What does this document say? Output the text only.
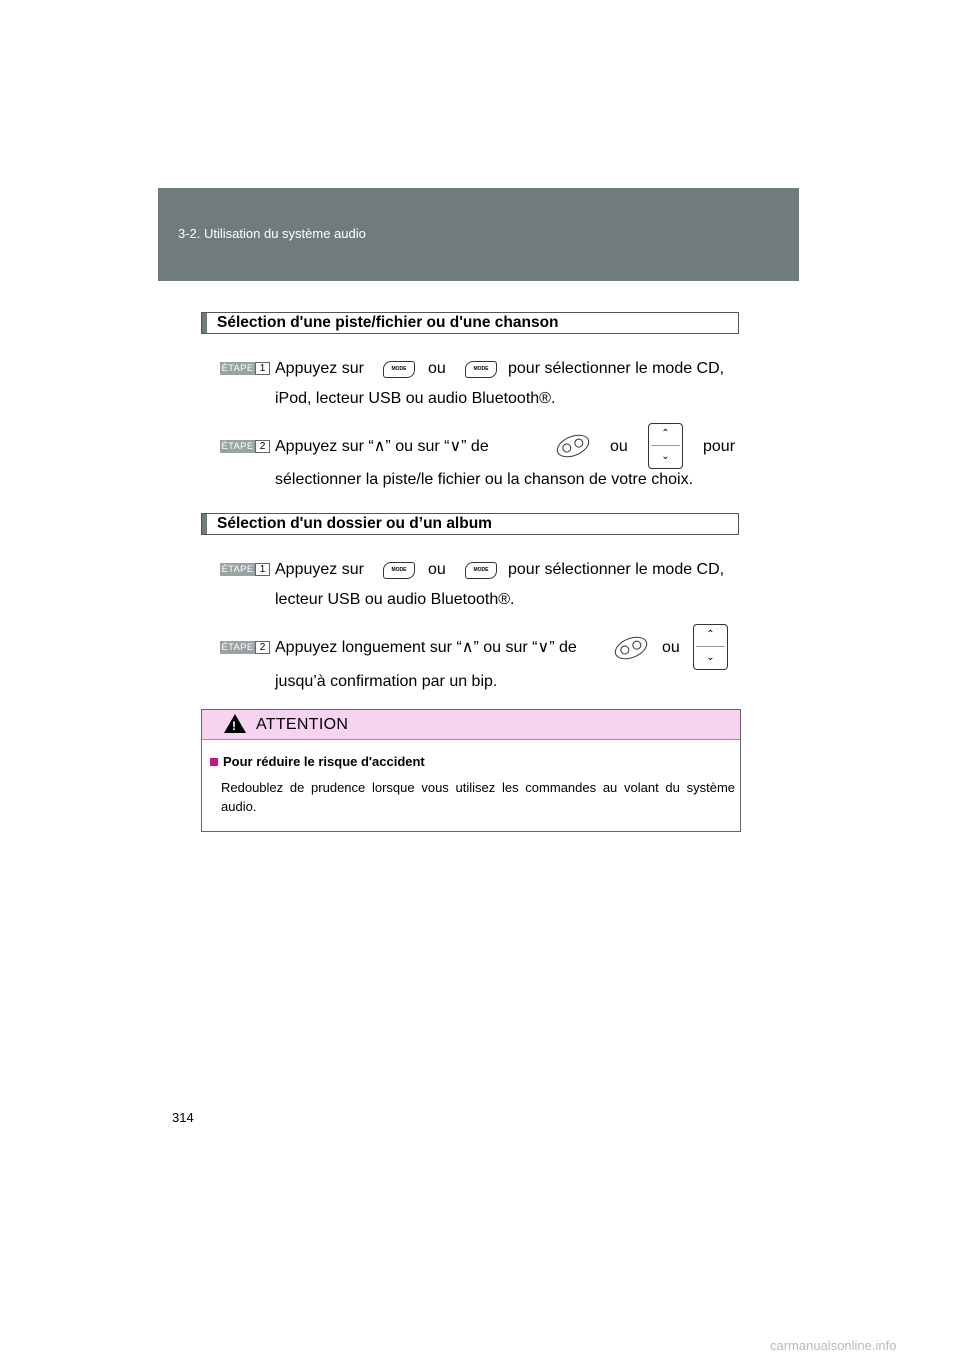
3-2. Utilisation du système audio
Sélection d'une piste/fichier ou d'une chanson
ÉTAPE 1 Appuyez sur	MODE	ou	MODE	pour sélectionner le mode CD,
iPod, lecteur USB ou audio Bluetooth®.
ÉTAPE 2 Appuyez sur “∧” ou sur “∨” de	ou
⌃
⌄
pour
sélectionner la piste/le fichier ou la chanson de votre choix.
Sélection d'un dossier ou d’un album
ÉTAPE 1 Appuyez sur	MODE	ou	MODE	pour sélectionner le mode CD,
lecteur USB ou audio Bluetooth®.
ÉTAPE 2 Appuyez longuement sur “∧” ou sur “∨” de	ou
⌃
⌄
jusqu’à confirmation par un bip.
! ATTENTION
Pour réduire le risque d'accident
Redoublez de prudence lorsque vous utilisez les commandes au volant du système audio.
314
carmanualsonline.info
